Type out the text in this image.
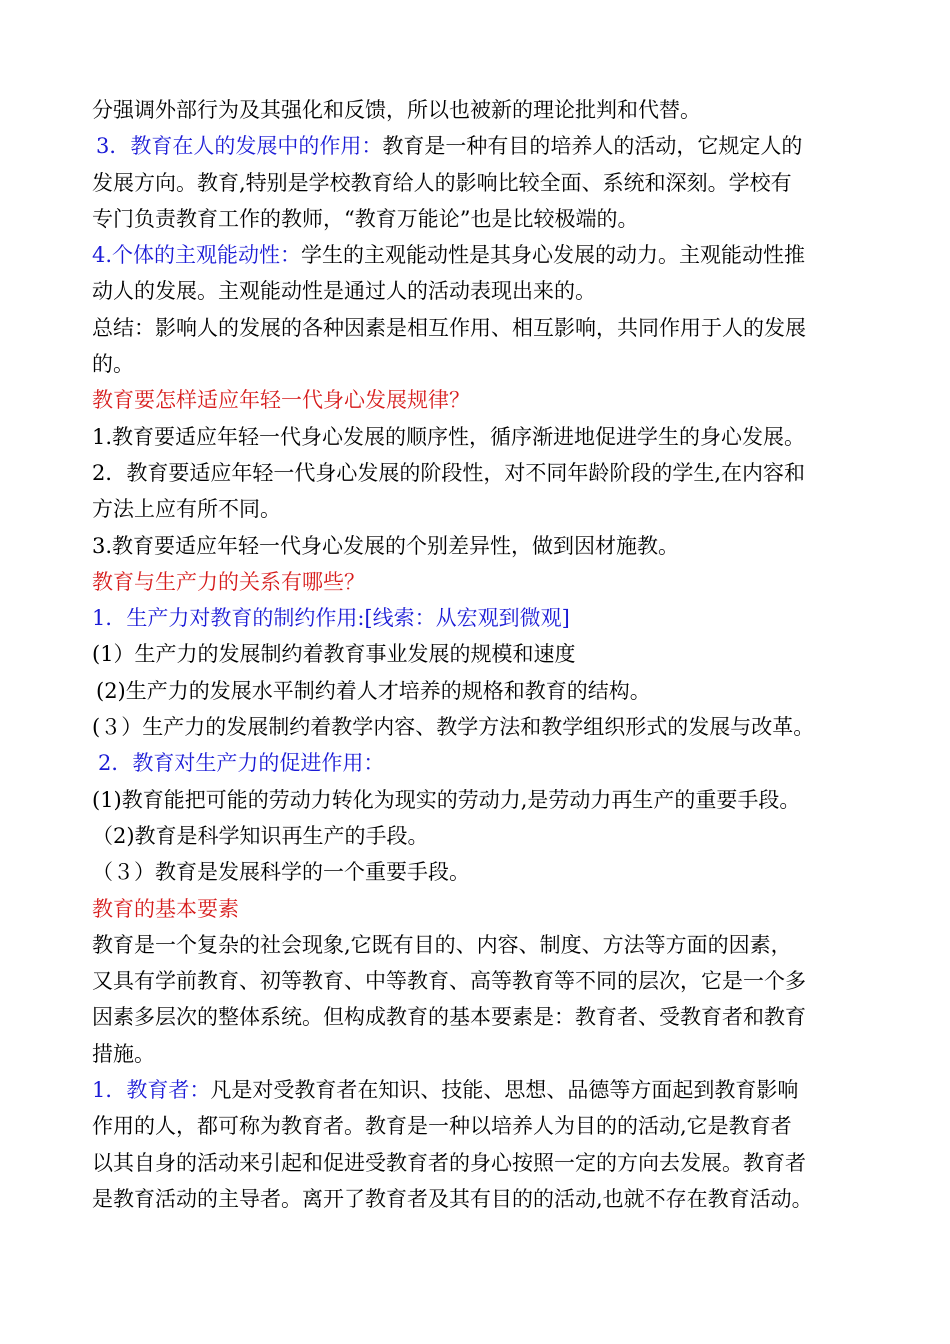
分强调外部行为及其强化和反馈，所以也被新的理论批判和代替。
3．教育在人的发展中的作用：教育是一种有目的培养人的活动，它规定人的
发展方向。教育,特别是学校教育给人的影响比较全面、系统和深刻。学校有
专门负责教育工作的教师，“教育万能论”也是比较极端的。
4.个体的主观能动性：学生的主观能动性是其身心发展的动力。主观能动性推
动人的发展。主观能动性是通过人的活动表现出来的。
总结：影响人的发展的各种因素是相互作用、相互影响，共同作用于人的发展
的。
教育要怎样适应年轻一代身心发展规律？
1.教育要适应年轻一代身心发展的顺序性，循序渐进地促进学生的身心发展。
2．教育要适应年轻一代身心发展的阶段性，对不同年龄阶段的学生,在内容和
方法上应有所不同。
3.教育要适应年轻一代身心发展的个别差异性，做到因材施教。
教育与生产力的关系有哪些？
1．生产力对教育的制约作用:[线索：从宏观到微观]
(1）生产力的发展制约着教育事业发展的规模和速度
(2)生产力的发展水平制约着人才培养的规格和教育的结构。
(３）生产力的发展制约着教学内容、教学方法和教学组织形式的发展与改革。
2．教育对生产力的促进作用：
(1)教育能把可能的劳动力转化为现实的劳动力,是劳动力再生产的重要手段。
（2)教育是科学知识再生产的手段。
（３）教育是发展科学的一个重要手段。
教育的基本要素
教育是一个复杂的社会现象,它既有目的、内容、制度、方法等方面的因素，
又具有学前教育、初等教育、中等教育、高等教育等不同的层次，它是一个多
因素多层次的整体系统。但构成教育的基本要素是：教育者、受教育者和教育
措施。
1．教育者：凡是对受教育者在知识、技能、思想、品德等方面起到教育影响
作用的人，都可称为教育者。教育是一种以培养人为目的的活动,它是教育者
以其自身的活动来引起和促进受教育者的身心按照一定的方向去发展。教育者
是教育活动的主导者。离开了教育者及其有目的的活动,也就不存在教育活动。
